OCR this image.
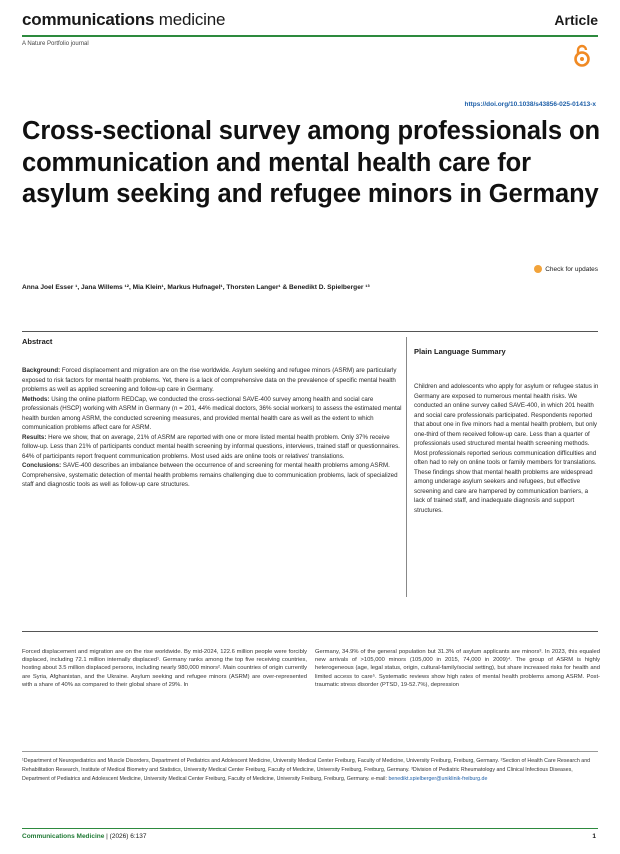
communications medicine	Article
A Nature Portfolio journal
https://doi.org/10.1038/s43856-025-01413-x
Cross-sectional survey among professionals on communication and mental health care for asylum seeking and refugee minors in Germany
Check for updates
Anna Joel Esser ¹, Jana Willems ¹², Mia Klein¹, Markus Hufnagel¹, Thorsten Langer¹ & Benedikt D. Spielberger ¹³
Abstract

Background: Forced displacement and migration are on the rise worldwide. Asylum seeking and refugee minors (ASRM) are particularly exposed to risk factors for mental health problems. Yet, there is a lack of comprehensive data on the prevalence of specific mental health problems as well as applied screening and follow-up care in Germany.

Methods: Using the online platform REDCap, we conducted the cross-sectional SAVE-400 survey among health and social care professionals (HSCP) working with ASRM in Germany (n = 201, 44% medical doctors, 36% social workers) to assess the estimated mental health burden among ASRM, the conducted screening measures, and provided mental health care as well as the extent to which communication problems affect care for ASRM.

Results: Here we show, that on average, 21% of ASRM are reported with one or more listed mental health problem. Only 37% receive follow-up. Less than 21% of participants conduct mental health screening by informal questions, interviews, trained staff or questionnaires. 64% of participants report frequent communication problems. Most used aids are online tools or relatives' translations.

Conclusions: SAVE-400 describes an imbalance between the occurrence of and screening for mental health problems among ASRM. Comprehensive, systematic detection of mental health problems remains challenging due to communication problems, lack of specialized staff and diagnostic tools as well as follow-up care structures.

Plain Language Summary
Children and adolescents who apply for asylum or refugee status in Germany are exposed to numerous mental health risks. We conducted an online survey called SAVE-400, in which 201 health and social care professionals participated. Respondents reported that about one in five minors had a mental health problem, but only one-third of them received follow-up care. Less than a quarter of professionals used structured mental health screening methods. Most professionals reported serious communication difficulties and often had to rely on online tools or family members for translations. These findings show that mental health problems are widespread among underage asylum seekers and refugees, but effective screening and care are hampered by communication barriers, a lack of trained staff, and inadequate diagnosis and support structures.
Forced displacement and migration are on the rise worldwide. By mid-2024, 122.6 million people were forcibly displaced, including 72.1 million internally displaced¹. Germany ranks among the top five receiving countries, hosting about 3.5 million displaced persons, including nearly 980,000 minors². Main countries of origin currently are Syria, Afghanistan, and the Ukraine. Asylum seeking and refugee minors (ASRM) are over-represented with a share of 40% as compared to their global share of 29%. In
Germany, 34.9% of the general population but 31.3% of asylum applicants are minors³. In 2023, this equaled new arrivals of >105,000 minors (105,000 in 2015, 74,000 in 2009)⁴. The group of ASRM is highly heterogeneous (age, legal status, origin, cultural-family/social setting), but share increased risks for health and limited access to care⁵. Systematic reviews show high rates of mental health problems among ASRM. Post-traumatic stress disorder (PTSD, 19-52.7%), depression
¹Department of Neuropediatrics and Muscle Disorders, Department of Pediatrics and Adolescent Medicine, University Medical Center Freiburg, Faculty of Medicine, University Freiburg, Freiburg, Germany. ²Section of Health Care Research and Rehabilitation Research, Institute of Medical Biometry and Statistics, University Medical Center Freiburg, Faculty of Medicine, University Freiburg, Freiburg, Germany. ³Division of Pediatric Rheumatology and Clinical Infectious Diseases, Department of Pediatrics and Adolescent Medicine, University Medical Center Freiburg, Faculty of Medicine, University Freiburg, Freiburg, Germany. e-mail: benedikt.spielberger@uniklinik-freiburg.de
Communications Medicine | (2026) 6:137	1
